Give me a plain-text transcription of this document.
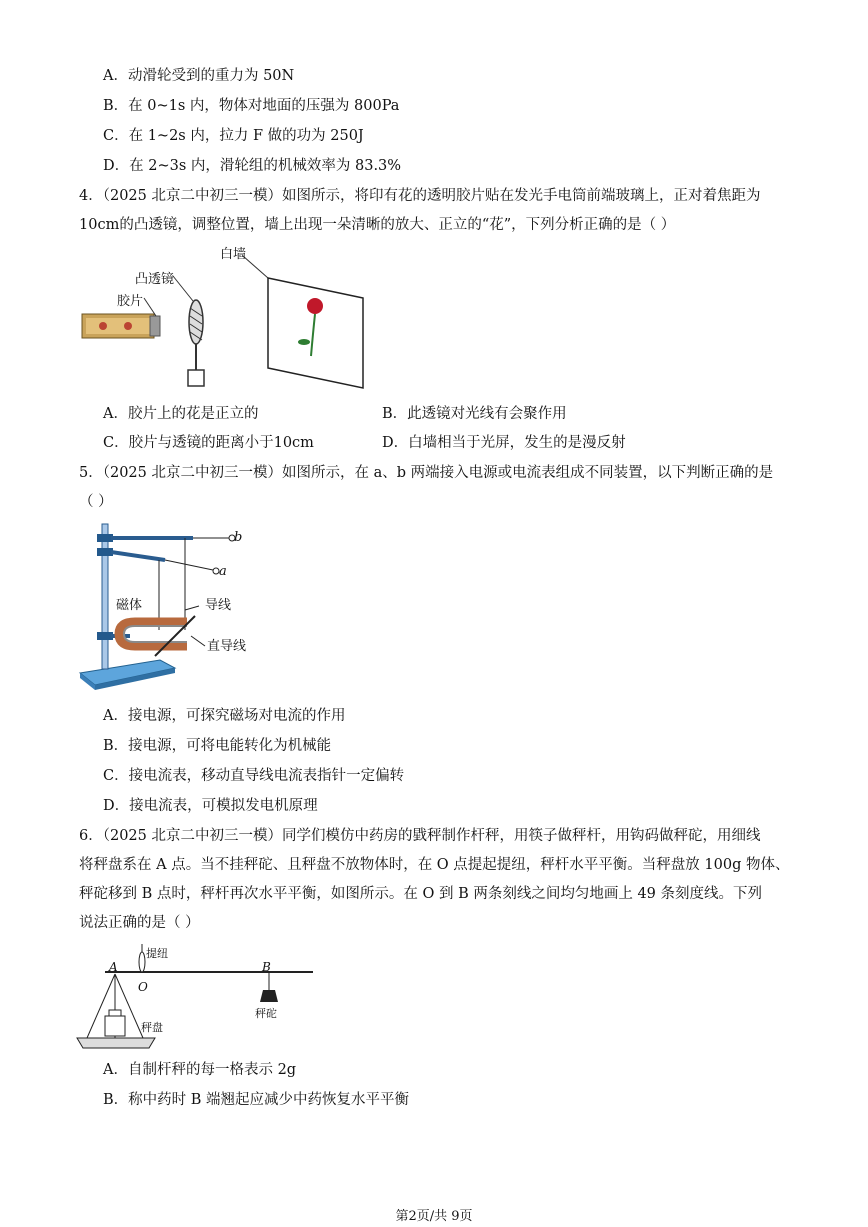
A．动滑轮受到的重力为 50N
B．在 0~1s 内，物体对地面的压强为 800Pa
C．在 1~2s 内，拉力 F 做的功为 250J
D．在 2~3s 内，滑轮组的机械效率为 83.3%
4．（2025 北京二中初三一模）如图所示，将印有花的透明胶片贴在发光手电筒前端玻璃上，正对着焦距为
10cm的凸透镜，调整位置，墙上出现一朵清晰的放大、正立的“花”，下列分析正确的是（ ）
白墙
凸透镜
胶片
A．胶片上的花是正立的	B．此透镜对光线有会聚作用
C．胶片与透镜的距离小于10cm	D．白墙相当于光屏，发生的是漫反射
5．（2025 北京二中初三一模）如图所示，在 a、b 两端接入电源或电流表组成不同装置，以下判断正确的是
（ ）
b
a
磁体	导线
直导线
A．接电源，可探究磁场对电流的作用
B．接电源，可将电能转化为机械能
C．接电流表，移动直导线电流表指针一定偏转
D．接电流表，可模拟发电机原理
6．（2025 北京二中初三一模）同学们模仿中药房的戥秤制作杆秤，用筷子做秤杆，用钩码做秤砣，用细线
将秤盘系在 A 点。当不挂秤砣、且秤盘不放物体时，在 O 点提起提纽，秤杆水平平衡。当秤盘放 100g 物体、
秤砣移到 B 点时，秤杆再次水平平衡，如图所示。在 O 到 B 两条刻线之间均匀地画上 49 条刻度线。下列
说法正确的是（ ）
A
O
B
提纽
秤盘
秤砣
A．自制杆秤的每一格表示 2g
B．称中药时 B 端翘起应减少中药恢复水平平衡
第2页/共 9页
